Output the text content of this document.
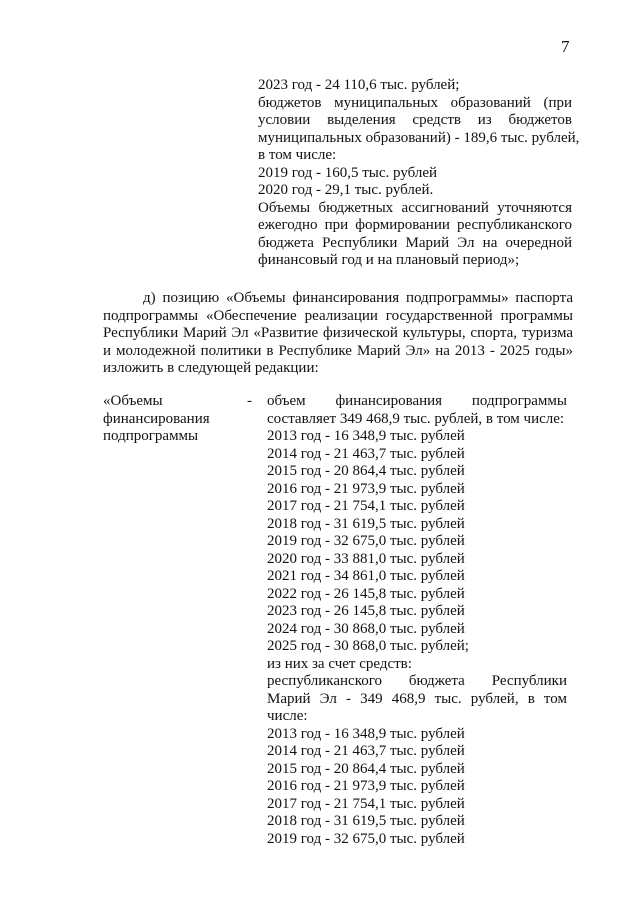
7
2023 год - 24 110,6 тыс. рублей;
бюджетов муниципальных образований (при
условии выделения средств из бюджетов
муниципальных образований) - 189,6 тыс. рублей,
в том числе:
2019 год - 160,5 тыс. рублей
2020 год - 29,1 тыс. рублей.
Объемы бюджетных ассигнований уточняются
ежегодно при формировании республиканского
бюджета Республики Марий Эл на очередной
финансовый год и на плановый период»;
д) позицию «Объемы финансирования подпрограммы» паспорта
подпрограммы «Обеспечение реализации государственной программы
Республики Марий Эл «Развитие физической культуры, спорта, туризма
и молодежной политики в Республике Марий Эл» на 2013 - 2025 годы»
изложить в следующей редакции:
«Объемы
финансирования
подпрограммы
- объем финансирования подпрограммы
составляет 349 468,9 тыс. рублей, в том числе:
2013 год - 16 348,9 тыс. рублей
2014 год - 21 463,7 тыс. рублей
2015 год - 20 864,4 тыс. рублей
2016 год - 21 973,9 тыс. рублей
2017 год - 21 754,1 тыс. рублей
2018 год - 31 619,5 тыс. рублей
2019 год - 32 675,0 тыс. рублей
2020 год - 33 881,0 тыс. рублей
2021 год - 34 861,0 тыс. рублей
2022 год - 26 145,8 тыс. рублей
2023 год - 26 145,8 тыс. рублей
2024 год - 30 868,0 тыс. рублей
2025 год - 30 868,0 тыс. рублей;
из них за счет средств:
республиканского бюджета Республики
Марий Эл - 349 468,9 тыс. рублей, в том
числе:
2013 год - 16 348,9 тыс. рублей
2014 год - 21 463,7 тыс. рублей
2015 год - 20 864,4 тыс. рублей
2016 год - 21 973,9 тыс. рублей
2017 год - 21 754,1 тыс. рублей
2018 год - 31 619,5 тыс. рублей
2019 год - 32 675,0 тыс. рублей
